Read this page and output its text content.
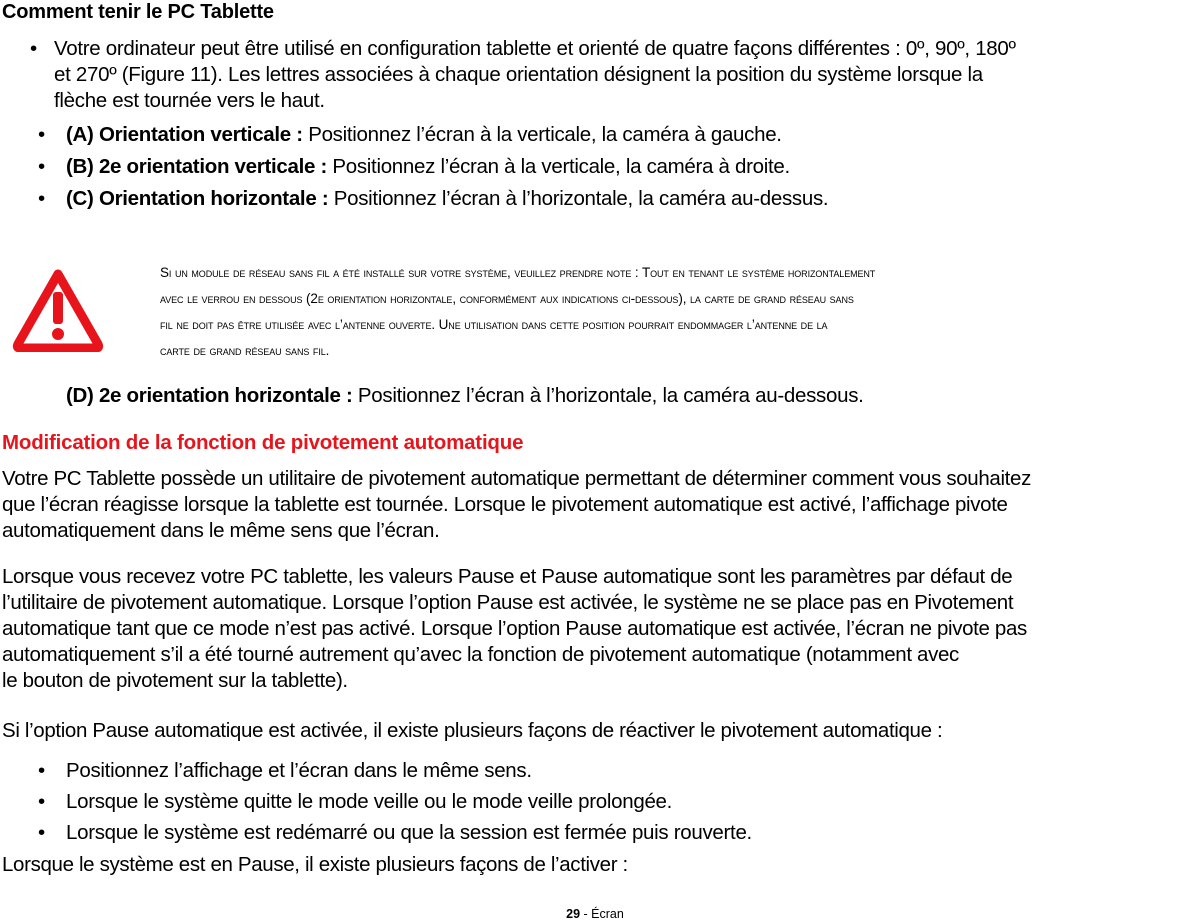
Comment tenir le PC Tablette
• Votre ordinateur peut être utilisé en configuration tablette et orienté de quatre façons différentes : 0º, 90º, 180º
et 270º (Figure 11). Les lettres associées à chaque orientation désignent la position du système lorsque la
flèche est tournée vers le haut.
• (A) Orientation verticale : Positionnez l’écran à la verticale, la caméra à gauche.
• (B) 2e orientation verticale : Positionnez l’écran à la verticale, la caméra à droite.
• (C) Orientation horizontale : Positionnez l’écran à l’horizontale, la caméra au-dessus.
Si un module de réseau sans fil a été installé sur votre système, veuillez prendre note : Tout en tenant le système horizontalement
avec le verrou en dessous (2e orientation horizontale, conformément aux indications ci-dessous), la carte de grand réseau sans
fil ne doit pas être utilisée avec l’antenne ouverte. Une utilisation dans cette position pourrait endommager l’antenne de la
carte de grand réseau sans fil.
(D) 2e orientation horizontale : Positionnez l’écran à l’horizontale, la caméra au-dessous.
Modification de la fonction de pivotement automatique
Votre PC Tablette possède un utilitaire de pivotement automatique permettant de déterminer comment vous souhaitez
que l’écran réagisse lorsque la tablette est tournée. Lorsque le pivotement automatique est activé, l’affichage pivote
automatiquement dans le même sens que l’écran.
Lorsque vous recevez votre PC tablette, les valeurs Pause et Pause automatique sont les paramètres par défaut de
l’utilitaire de pivotement automatique. Lorsque l’option Pause est activée, le système ne se place pas en Pivotement
automatique tant que ce mode n’est pas activé. Lorsque l’option Pause automatique est activée, l’écran ne pivote pas
automatiquement s’il a été tourné autrement qu’avec la fonction de pivotement automatique (notamment avec
le bouton de pivotement sur la tablette).
Si l’option Pause automatique est activée, il existe plusieurs façons de réactiver le pivotement automatique :
• Positionnez l’affichage et l’écran dans le même sens.
• Lorsque le système quitte le mode veille ou le mode veille prolongée.
• Lorsque le système est redémarré ou que la session est fermée puis rouverte.
Lorsque le système est en Pause, il existe plusieurs façons de l’activer :
29 - Écran
